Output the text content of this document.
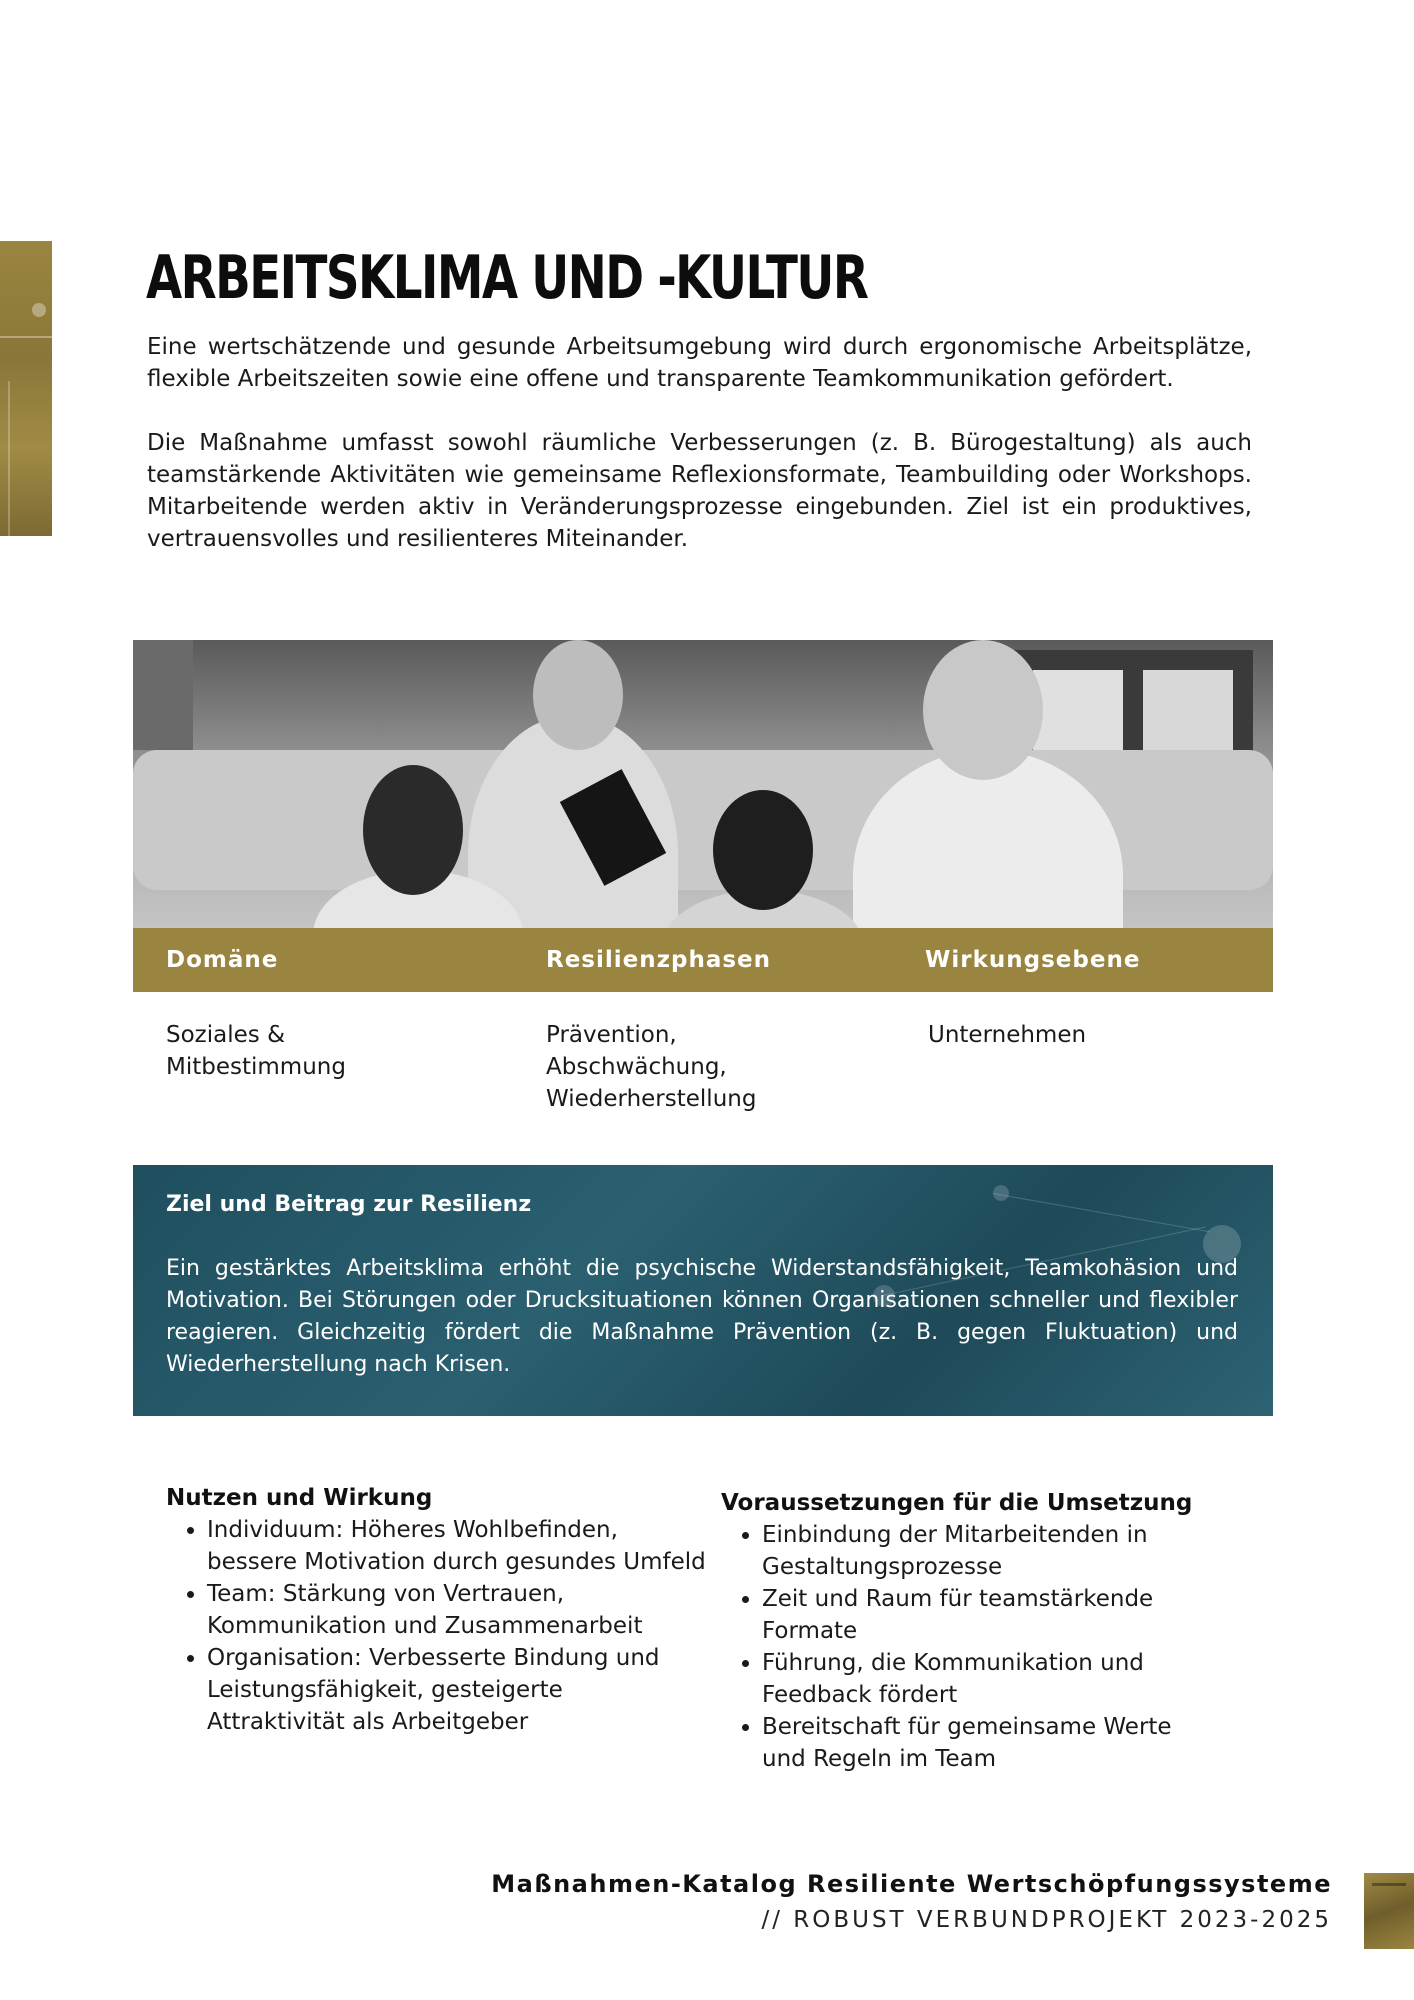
ARBEITSKLIMA UND -KULTUR

Eine wertschätzende und gesunde Arbeitsumgebung wird durch ergonomische Arbeitsplätze, flexible Arbeitszeiten sowie eine offene und transparente Teamkommunikation gefördert.

Die Maßnahme umfasst sowohl räumliche Verbesserungen (z. B. Bürogestaltung) als auch teamstärkende Aktivitäten wie gemeinsame Reflexionsformate, Teambuilding oder Workshops. Mitarbeitende werden aktiv in Veränderungsprozesse eingebunden. Ziel ist ein produktives, vertrauensvolles und resilienteres Miteinander.

Domäne	Resilienzphasen	Wirkungsebene
Soziales &
Mitbestimmung
Prävention,
Abschwächung,
Wiederherstellung
Unternehmen
Ziel und Beitrag zur Resilienz
Ein gestärktes Arbeitsklima erhöht die psychische Widerstandsfähigkeit, Teamkohäsion und Motivation. Bei Störungen oder Drucksituationen können Organisationen schneller und flexibler reagieren. Gleichzeitig fördert die Maßnahme Prävention (z. B. gegen Fluktuation) und Wiederherstellung nach Krisen.
Nutzen und Wirkung
• Individuum: Höheres Wohlbefinden, bessere Motivation durch gesundes Umfeld
• Team: Stärkung von Vertrauen, Kommunikation und Zusammenarbeit
• Organisation: Verbesserte Bindung und Leistungsfähigkeit, gesteigerte Attraktivität als Arbeitgeber
Voraussetzungen für die Umsetzung
• Einbindung der Mitarbeitenden in Gestaltungsprozesse
• Zeit und Raum für teamstärkende Formate
• Führung, die Kommunikation und Feedback fördert
• Bereitschaft für gemeinsame Werte und Regeln im Team
Maßnahmen-Katalog Resiliente Wertschöpfungssysteme
// ROBUST VERBUNDPROJEKT 2023-2025
